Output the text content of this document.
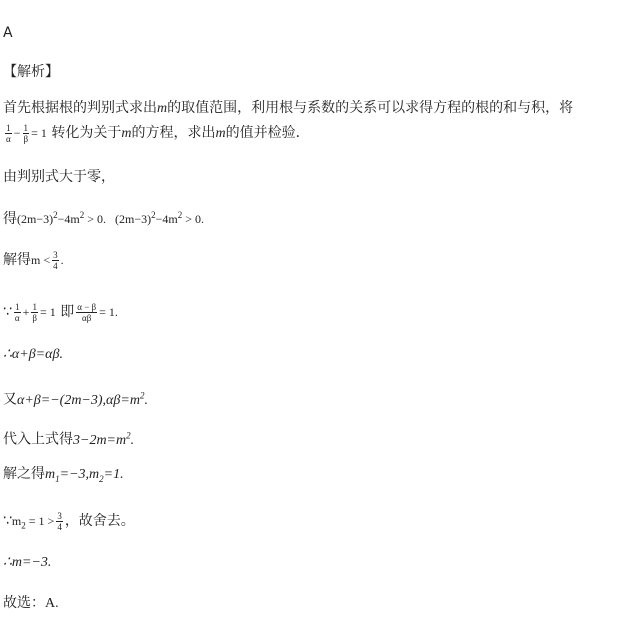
A
【解析】
首先根据根的判别式求出m的取值范围，利用根与系数的关系可以求得方程的根的和与积，将
$\frac{1}{\alpha} - \frac{1}{\beta} = 1$ 转化为关于m的方程，求出m的值并检验．
由判别式大于零，
得$(2m-3)^2-4m^2 > 0$. $(2m-3)^2-4m^2 > 0$.
解得$m < \frac{3}{4}$ .
∵ $\frac{1}{\alpha} + \frac{1}{\beta} = 1$ 即 $\frac{\alpha - \beta}{\alpha\beta} = 1$.
∴α+β=αβ.
又$\alpha+\beta=-(2m-3),\alpha\beta=m^2$.
代入上式得$3-2m=m^2$.
解之得$m_1=-3,m_2=1$.
$\because m_2 = 1 > \frac{3}{4}$ ，故舍去。
∴m=−3.
故选：A.
